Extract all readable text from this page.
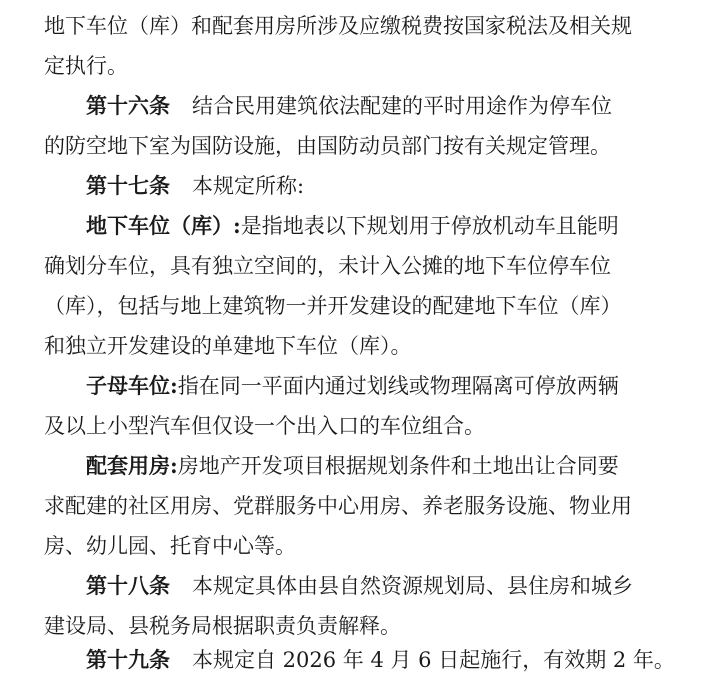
地下车位（库）和配套用房所涉及应缴税费按国家税法及相关规
定执行。
第十六条 结合民用建筑依法配建的平时用途作为停车位
的防空地下室为国防设施，由国防动员部门按有关规定管理。
第十七条 本规定所称:
地下车位（库）:是指地表以下规划用于停放机动车且能明
确划分车位，具有独立空间的，未计入公摊的地下车位停车位
（库），包括与地上建筑物一并开发建设的配建地下车位（库）
和独立开发建设的单建地下车位（库）。
子母车位:指在同一平面内通过划线或物理隔离可停放两辆
及以上小型汽车但仅设一个出入口的车位组合。
配套用房:房地产开发项目根据规划条件和土地出让合同要
求配建的社区用房、党群服务中心用房、养老服务设施、物业用
房、幼儿园、托育中心等。
第十八条 本规定具体由县自然资源规划局、县住房和城乡
建设局、县税务局根据职责负责解释。
第十九条 本规定自 2026 年 4 月 6 日起施行，有效期 2 年。
